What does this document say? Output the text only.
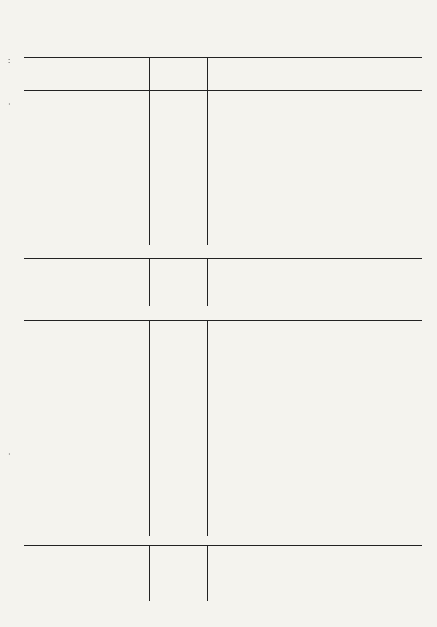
:
·
·
